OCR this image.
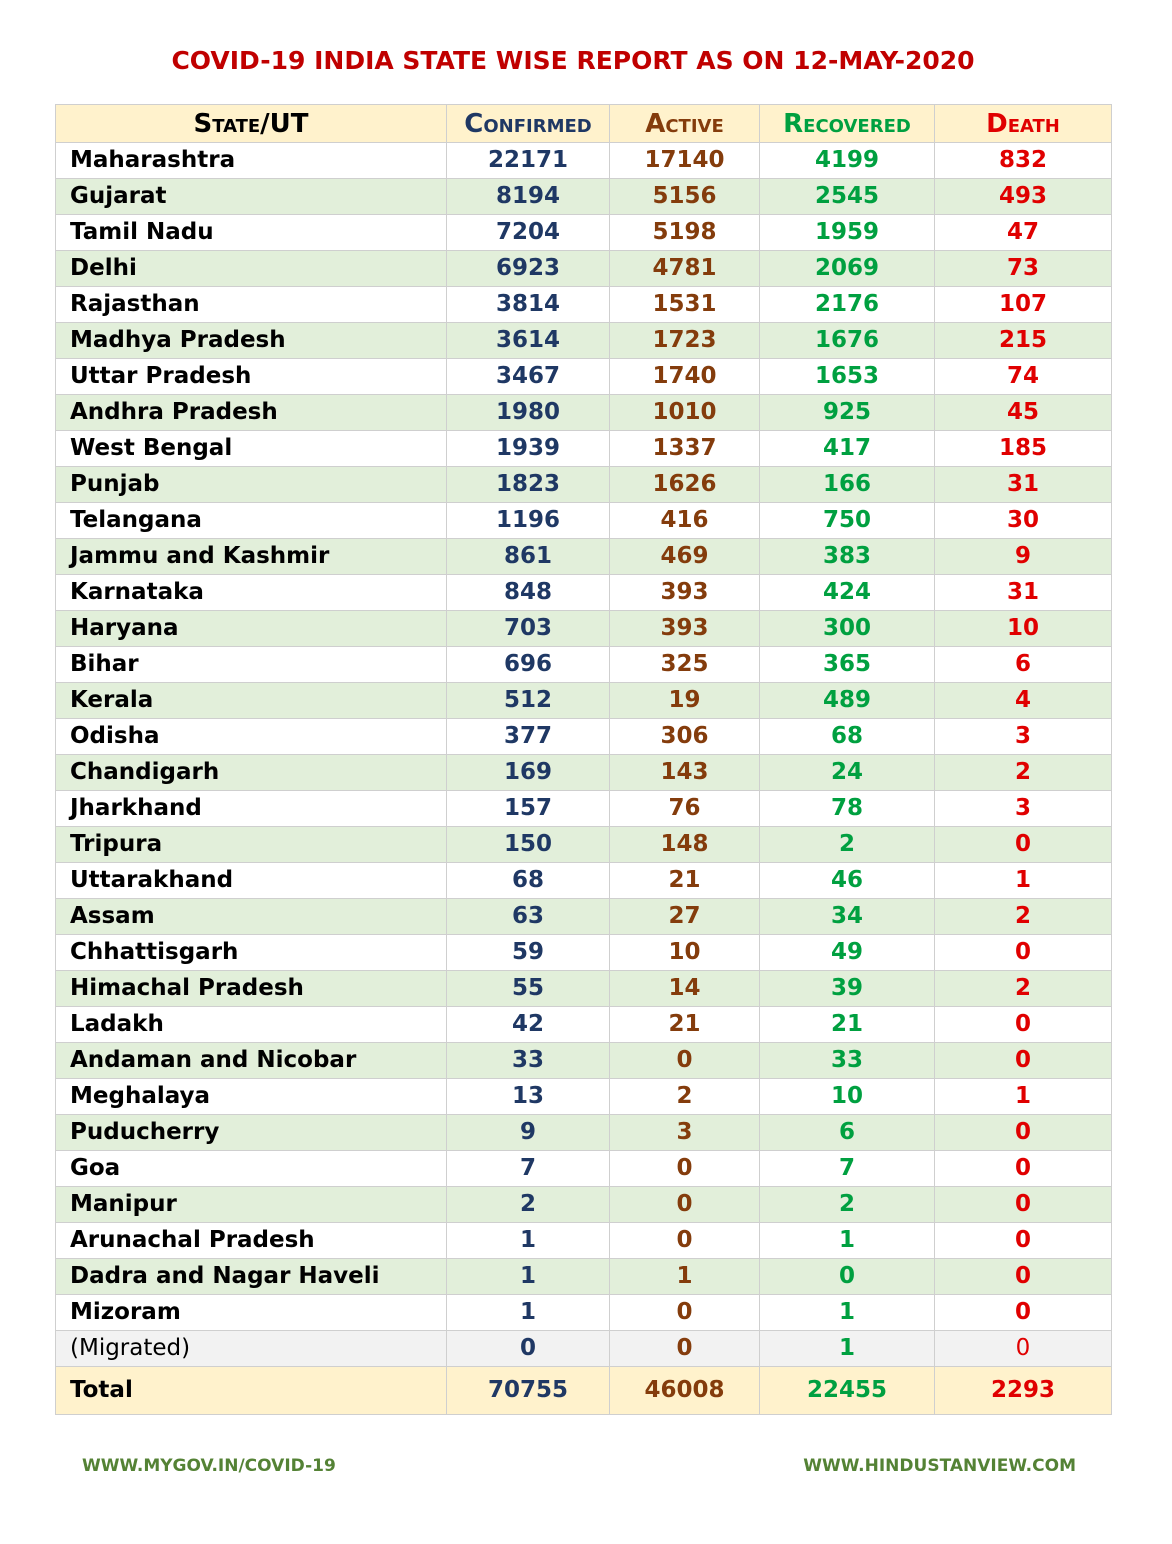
COVID-19 INDIA STATE WISE REPORT AS ON 12-MAY-2020
State/UT	Confirmed	Active	Recovered	Death
Maharashtra	22171	17140	4199	832
Gujarat	8194	5156	2545	493
Tamil Nadu	7204	5198	1959	47
Delhi	6923	4781	2069	73
Rajasthan	3814	1531	2176	107
Madhya Pradesh	3614	1723	1676	215
Uttar Pradesh	3467	1740	1653	74
Andhra Pradesh	1980	1010	925	45
West Bengal	1939	1337	417	185
Punjab	1823	1626	166	31
Telangana	1196	416	750	30
Jammu and Kashmir	861	469	383	9
Karnataka	848	393	424	31
Haryana	703	393	300	10
Bihar	696	325	365	6
Kerala	512	19	489	4
Odisha	377	306	68	3
Chandigarh	169	143	24	2
Jharkhand	157	76	78	3
Tripura	150	148	2	0
Uttarakhand	68	21	46	1
Assam	63	27	34	2
Chhattisgarh	59	10	49	0
Himachal Pradesh	55	14	39	2
Ladakh	42	21	21	0
Andaman and Nicobar	33	0	33	0
Meghalaya	13	2	10	1
Puducherry	9	3	6	0
Goa	7	0	7	0
Manipur	2	0	2	0
Arunachal Pradesh	1	0	1	0
Dadra and Nagar Haveli	1	1	0	0
Mizoram	1	0	1	0
(Migrated)	0	0	1	0
Total	70755	46008	22455	2293
WWW.MYGOV.IN/COVID-19	WWW.HINDUSTANVIEW.COM
